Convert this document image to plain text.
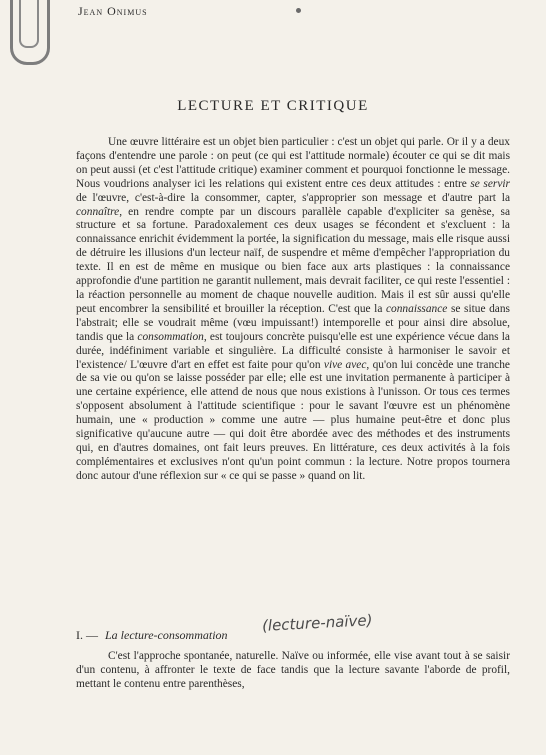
Jean Onimus
LECTURE ET CRITIQUE

Une œuvre littéraire est un objet bien particulier : c'est un objet qui parle. Or il y a deux façons d'entendre une parole : on peut (ce qui est l'attitude normale) écouter ce qui se dit mais on peut aussi (et c'est l'attitude critique) examiner comment et pourquoi fonctionne le message. Nous voudrions analyser ici les relations qui existent entre ces deux attitudes : entre se servir de l'œuvre, c'est-à-dire la consommer, capter, s'approprier son message et d'autre part la connaître, en rendre compte par un discours parallèle capable d'expliciter sa genèse, sa structure et sa fortune. Paradoxalement ces deux usages se fécondent et s'excluent : la connaissance enrichit évidemment la portée, la signification du message, mais elle risque aussi de détruire les illusions d'un lecteur naïf, de suspendre et même d'empêcher l'appropriation du texte. Il en est de même en musique ou bien face aux arts plastiques : la connaissance approfondie d'une partition ne garantit nullement, mais devrait faciliter, ce qui reste l'essentiel : la réaction personnelle au moment de chaque nouvelle audition. Mais il est sûr aussi qu'elle peut encombrer la sensibilité et brouiller la réception. C'est que la connaissance se situe dans l'abstrait; elle se voudrait même (vœu impuissant!) intemporelle et pour ainsi dire absolue, tandis que la consommation, est toujours concrète puisqu'elle est une expérience vécue dans la durée, indéfiniment variable et singulière. La difficulté consiste à harmoniser le savoir et l'existence/ L'œuvre d'art en effet est faite pour qu'on vive avec, qu'on lui concède une tranche de sa vie ou qu'on se laisse posséder par elle; elle est une invitation permanente à participer à une certaine expérience, elle attend de nous que nous existions à l'unisson. Or tous ces termes s'opposent absolument à l'attitude scientifique : pour le savant l'œuvre est un phénomène humain, une « production » comme une autre — plus humaine peut-être et donc plus significative qu'aucune autre — qui doit être abordée avec des méthodes et des instruments qui, en d'autres domaines, ont fait leurs preuves. En littérature, ces deux activités à la fois complémentaires et exclusives n'ont qu'un point commun : la lecture. Notre propos tournera donc autour d'une réflexion sur « ce qui se passe » quand on lit.

I. — La lecture-consommation
(lecture-naïve)

C'est l'approche spontanée, naturelle. Naïve ou informée, elle vise avant tout à se saisir d'un contenu, à affronter le texte de face tandis que la lecture savante l'aborde de profil, mettant le contenu entre parenthèses,
